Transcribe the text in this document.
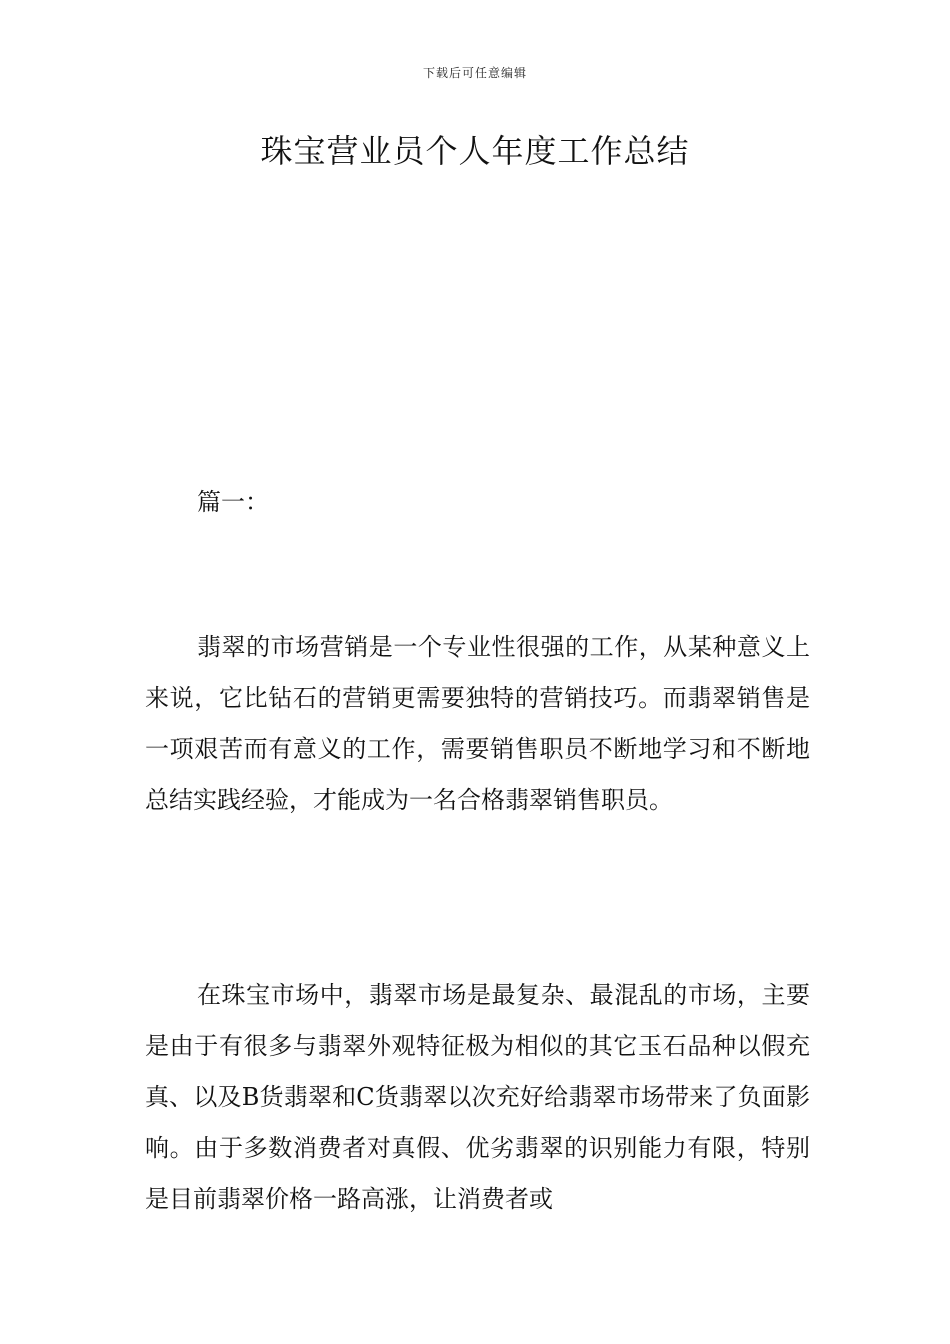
下载后可任意编辑
珠宝营业员个人年度工作总结
篇一：

翡翠的市场营销是一个专业性很强的工作，从某种意义上来说，它比钻石的营销更需要独特的营销技巧。而翡翠销售是一项艰苦而有意义的工作，需要销售职员不断地学习和不断地总结实践经验，才能成为一名合格翡翠销售职员。

在珠宝市场中，翡翠市场是最复杂、最混乱的市场，主要是由于有很多与翡翠外观特征极为相似的其它玉石品种以假充真、以及B货翡翠和C货翡翠以次充好给翡翠市场带来了负面影响。由于多数消费者对真假、优劣翡翠的识别能力有限，特别是目前翡翠价格一路高涨，让消费者或
